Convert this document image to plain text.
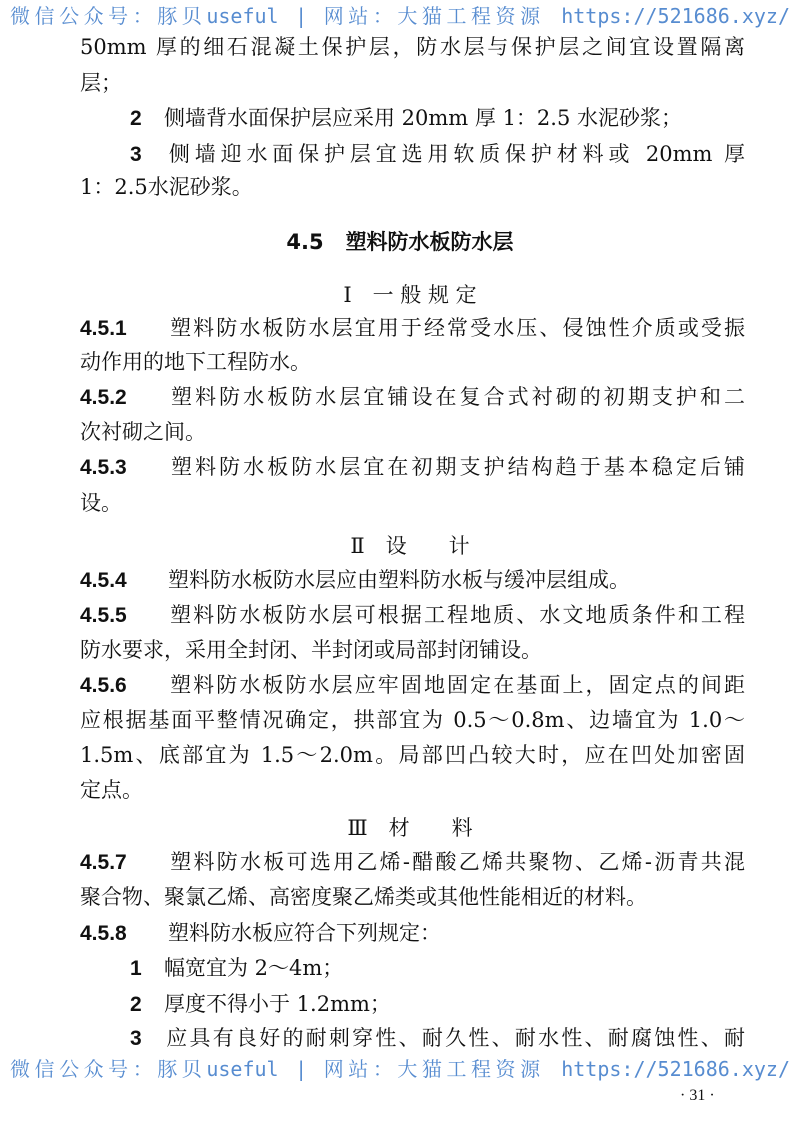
微信公众号：豚贝useful | 网站：大猫工程资源 https://521686.xyz/
50mm 厚的细石混凝土保护层，防水层与保护层之间宜设置隔离
层；
2 侧墙背水面保护层应采用 20mm 厚 1：2.5 水泥砂浆；
3 侧墙迎水面保护层宜选用软质保护材料或 20mm 厚
1：2.5水泥砂浆。
4.5 塑料防水板防水层
Ⅰ　一 般 规 定
4.5.1 塑料防水板防水层宜用于经常受水压、侵蚀性介质或受振
动作用的地下工程防水。
4.5.2 塑料防水板防水层宜铺设在复合式衬砌的初期支护和二
次衬砌之间。
4.5.3 塑料防水板防水层宜在初期支护结构趋于基本稳定后铺
设。
Ⅱ　设　　计
4.5.4 塑料防水板防水层应由塑料防水板与缓冲层组成。
4.5.5 塑料防水板防水层可根据工程地质、水文地质条件和工程
防水要求，采用全封闭、半封闭或局部封闭铺设。
4.5.6 塑料防水板防水层应牢固地固定在基面上，固定点的间距
应根据基面平整情况确定，拱部宜为 0.5～0.8m、边墙宜为 1.0～
1.5m、底部宜为 1.5～2.0m。局部凹凸较大时，应在凹处加密固
定点。
Ⅲ　材　　料
4.5.7 塑料防水板可选用乙烯-醋酸乙烯共聚物、乙烯-沥青共混
聚合物、聚氯乙烯、高密度聚乙烯类或其他性能相近的材料。
4.5.8 塑料防水板应符合下列规定：
1 幅宽宜为 2～4m；
2 厚度不得小于 1.2mm；
3 应具有良好的耐刺穿性、耐久性、耐水性、耐腐蚀性、耐
微信公众号：豚贝useful | 网站：大猫工程资源 https://521686.xyz/
· 31 ·
